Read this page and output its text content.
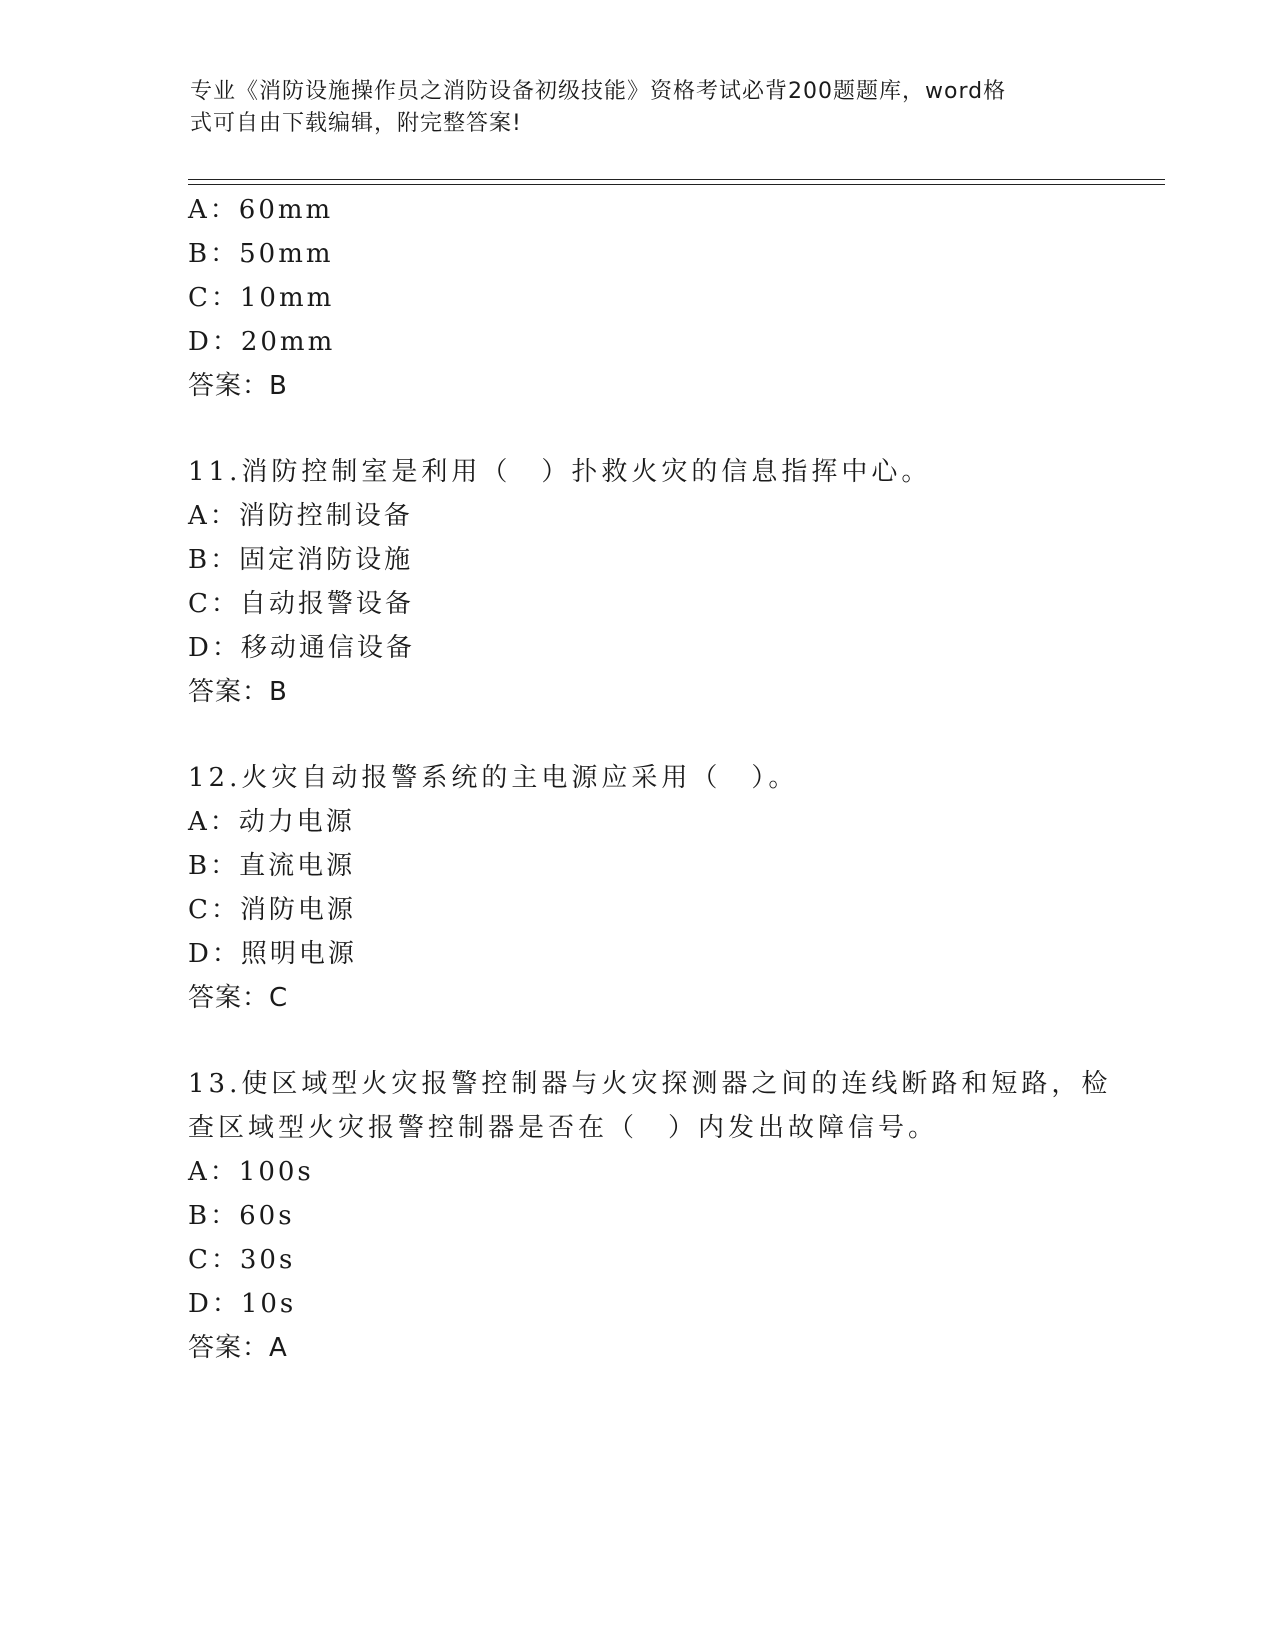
专业《消防设施操作员之消防设备初级技能》资格考试必背200题题库，word格
式可自由下载编辑，附完整答案!
A：60mm
B：50mm
C：10mm
D：20mm
答案：B
11.消防控制室是利用（　）扑救火灾的信息指挥中心。
A：消防控制设备
B：固定消防设施
C：自动报警设备
D：移动通信设备
答案：B
12.火灾自动报警系统的主电源应采用（　）。
A：动力电源
B：直流电源
C：消防电源
D：照明电源
答案：C
13.使区域型火灾报警控制器与火灾探测器之间的连线断路和短路，检
查区域型火灾报警控制器是否在（　）内发出故障信号。
A：100s
B：60s
C：30s
D：10s
答案：A
